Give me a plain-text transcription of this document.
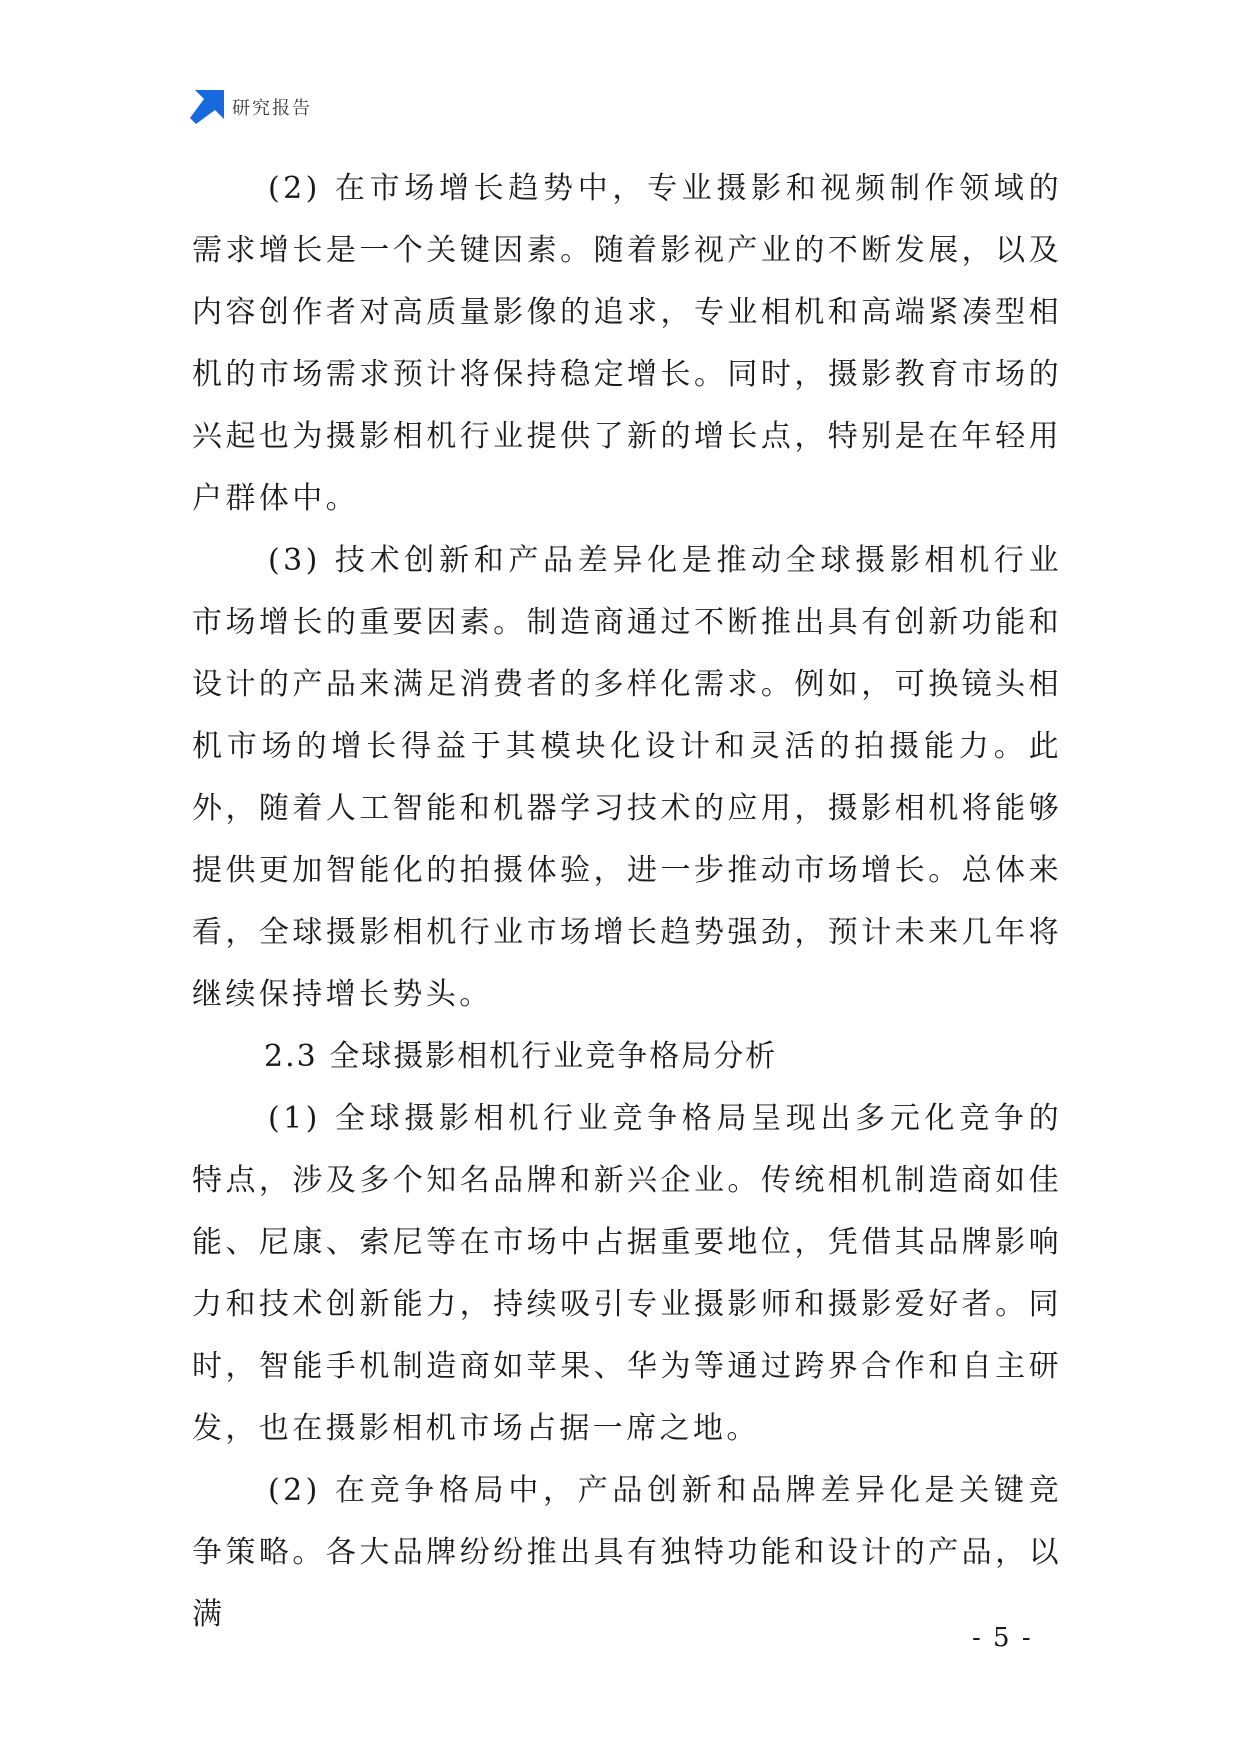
研究报告

(2) 在市场增长趋势中，专业摄影和视频制作领域的需求增长是一个关键因素。随着影视产业的不断发展，以及内容创作者对高质量影像的追求，专业相机和高端紧凑型相机的市场需求预计将保持稳定增长。同时，摄影教育市场的兴起也为摄影相机行业提供了新的增长点，特别是在年轻用户群体中。

(3) 技术创新和产品差异化是推动全球摄影相机行业市场增长的重要因素。制造商通过不断推出具有创新功能和设计的产品来满足消费者的多样化需求。例如，可换镜头相机市场的增长得益于其模块化设计和灵活的拍摄能力。此外，随着人工智能和机器学习技术的应用，摄影相机将能够提供更加智能化的拍摄体验，进一步推动市场增长。总体来看，全球摄影相机行业市场增长趋势强劲，预计未来几年将继续保持增长势头。

2.3 全球摄影相机行业竞争格局分析

(1) 全球摄影相机行业竞争格局呈现出多元化竞争的特点，涉及多个知名品牌和新兴企业。传统相机制造商如佳能、尼康、索尼等在市场中占据重要地位，凭借其品牌影响力和技术创新能力，持续吸引专业摄影师和摄影爱好者。同时，智能手机制造商如苹果、华为等通过跨界合作和自主研发，也在摄影相机市场占据一席之地。

(2) 在竞争格局中，产品创新和品牌差异化是关键竞争策略。各大品牌纷纷推出具有独特功能和设计的产品，以满

- 5 -
